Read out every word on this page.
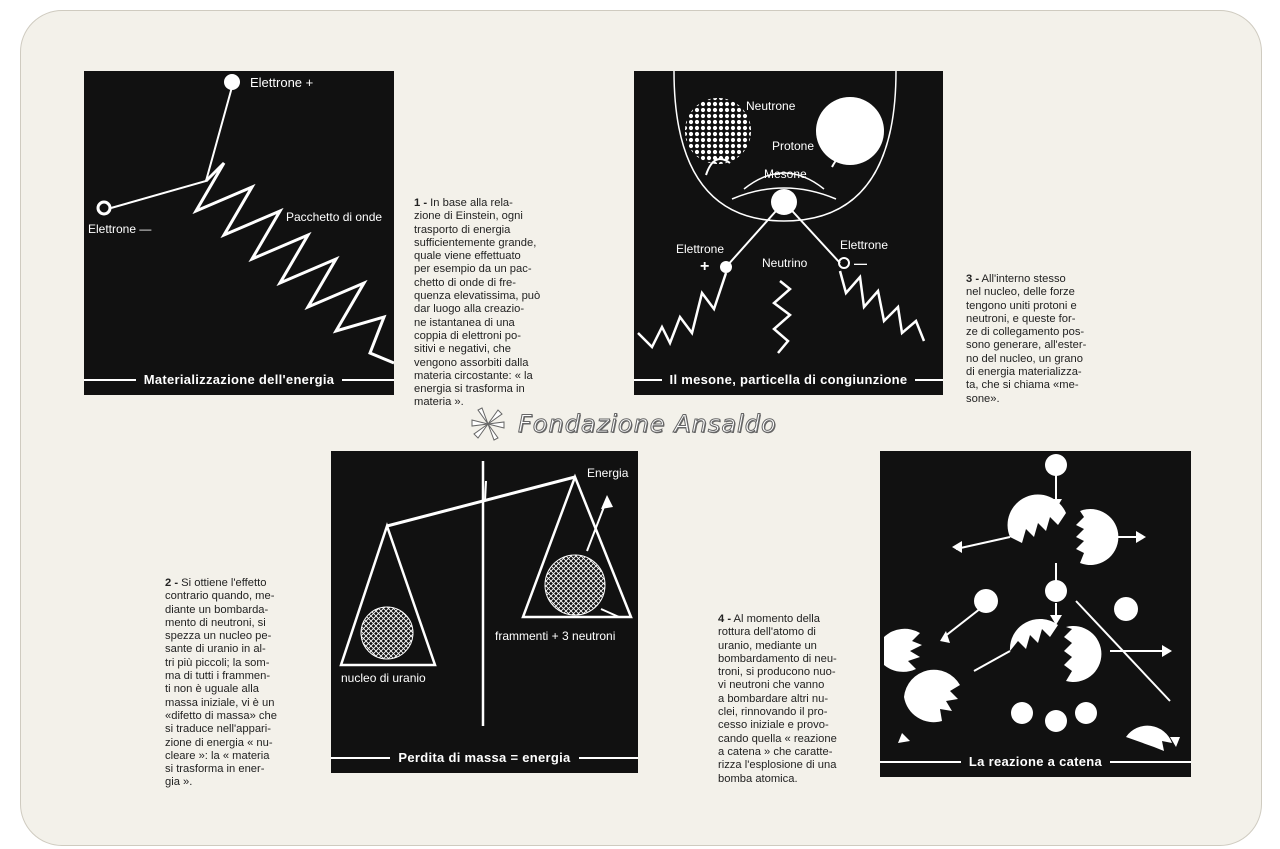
Elettrone +
Elettrone —
Pacchetto di onde
Materializzazione dell'energia
Neutrone
Protone
Mesone
Elettrone
+	Neutrino
Elettrone
—
Il mesone, particella di congiunzione
Energia
frammenti + 3 neutroni
nucleo di uranio
Perdita di massa = energia	La reazione a catena
1 - In base alla rela-
zione di Einstein, ogni
trasporto di energia
sufficientemente grande,
quale viene effettuato
per esempio da un pac-
chetto di onde di fre-
quenza elevatissima, può
dar luogo alla creazio-
ne istantanea di una
coppia di elettroni po-
sitivi e negativi, che
vengono assorbiti dalla
materia circostante: « la
energia si trasforma in
materia ».
2 - Si ottiene l'effetto
contrario quando, me-
diante un bombarda-
mento di neutroni, si
spezza un nucleo pe-
sante di uranio in al-
tri più piccoli; la som-
ma di tutti i frammen-
ti non è uguale alla
massa iniziale, vi è un
«difetto di massa» che
si traduce nell'appari-
zione di energia « nu-
cleare »: la « materia
si trasforma in ener-
gia ».
3 - All'interno stesso
nel nucleo, delle forze
tengono uniti protoni e
neutroni, e queste for-
ze di collegamento pos-
sono generare, all'ester-
no del nucleo, un grano
di energia materializza-
ta, che si chiama «me-
sone».
4 - Al momento della
rottura dell'atomo di
uranio, mediante un
bombardamento di neu-
troni, si producono nuo-
vi neutroni che vanno
a bombardare altri nu-
clei, rinnovando il pro-
cesso iniziale e provo-
cando quella « reazione
a catena » che caratte-
rizza l'esplosione di una
bomba atomica.
Fondazione Ansaldo
